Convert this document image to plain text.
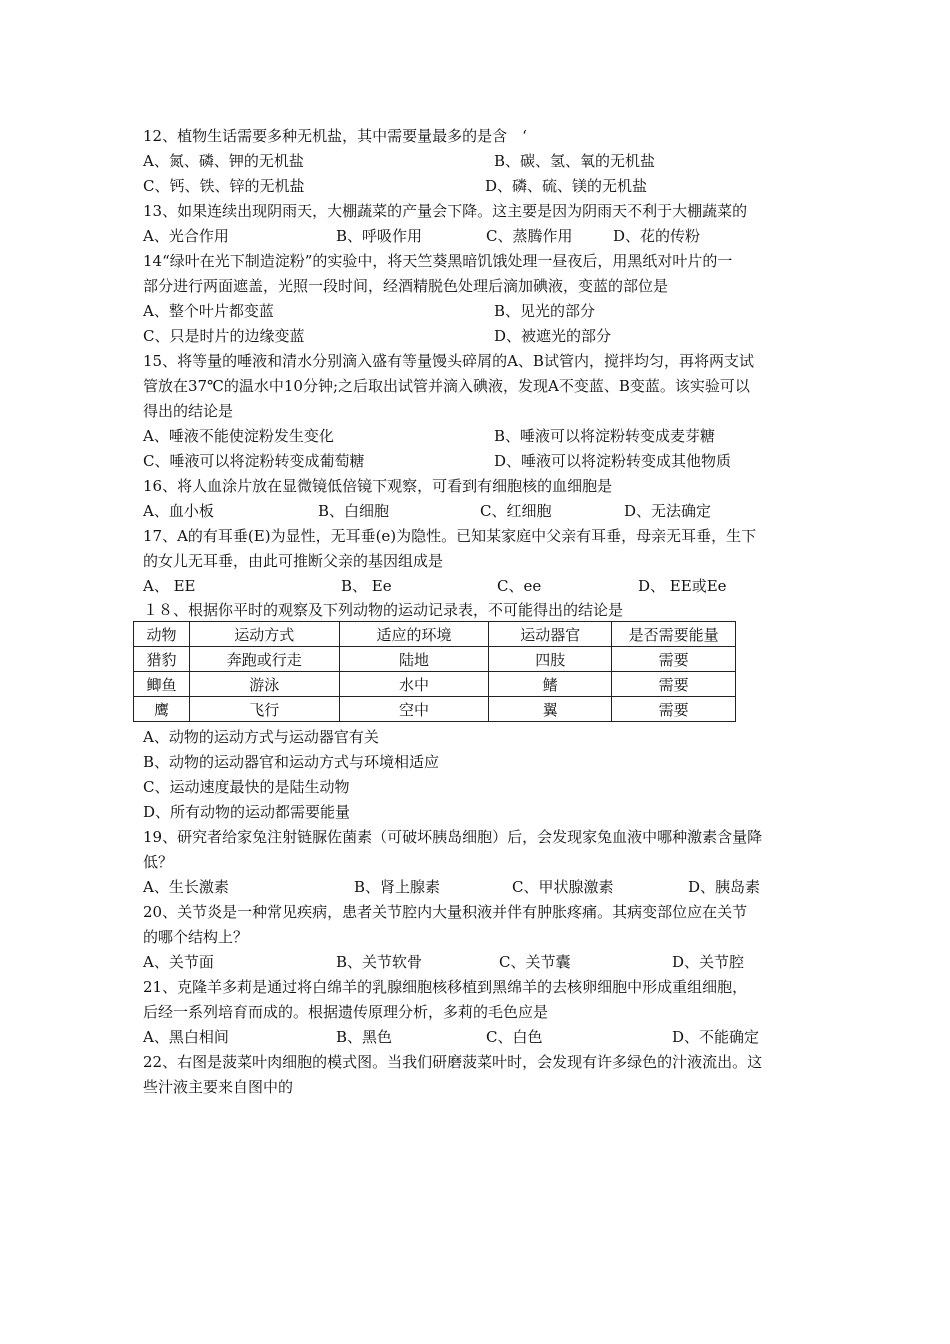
12、植物生话需要多种无机盐，其中需要量最多的是含　‘
A、氮、磷、钾的无机盐	B、碳、氢、氧的无机盐
C、钙、铁、锌的无机盐	D、磷、硫、镁的无机盐
13、如果连续出现阴雨天，大棚蔬菜的产量会下降。这主要是因为阴雨天不利于大棚蔬菜的
A、光合作用	B、呼吸作用	C、蒸腾作用	D、花的传粉
14“绿叶在光下制造淀粉”的实验中，将天竺葵黑暗饥饿处理一昼夜后，用黑纸对叶片的一
部分进行两面遮盖，光照一段时间，经酒精脱色处理后滴加碘液，变蓝的部位是
A、整个叶片都变蓝	B、见光的部分
C、只是时片的边缘变蓝	D、被遮光的部分
15、将等量的唾液和清水分别滴入盛有等量馒头碎屑的A、B试管内，搅拌均匀，再将两支试
管放在37℃的温水中10分钟;之后取出试管并滴入碘液，发现A不变蓝、B变蓝。该实验可以
得出的结论是
A、唾液不能使淀粉发生变化	B、唾液可以将淀粉转变成麦芽糖
C、唾液可以将淀粉转变成葡萄糖	D、唾液可以将淀粉转变成其他物质
16、将人血涂片放在显微镜低倍镜下观察，可看到有细胞核的血细胞是
A、血小板	B、白细胞	C、红细胞	D、无法确定
17、A的有耳垂(E)为显性，无耳垂(e)为隐性。已知某家庭中父亲有耳垂，母亲无耳垂，生下
的女儿无耳垂，由此可推断父亲的基因组成是
A、 EE	B、 Ee	C、ee	D、 EE或Ee
１８、根据你平时的观察及下列动物的运动记录表，不可能得出的结论是
动物	运动方式	适应的环境	运动器官	是否需要能量
猎豹	奔跑或行走	陆地	四肢	需要
鲫鱼	游泳	水中	鳍	需要
鹰	飞行	空中	翼	需要
A、动物的运动方式与运动器官有关
B、动物的运动器官和运动方式与环境相适应
C、运动速度最快的是陆生动物
D、所有动物的运动都需要能量
19、研究者给家兔注射链脲佐菌素（可破坏胰岛细胞）后，会发现家兔血液中哪种激素含量降
低？
A、生长激素	B、肾上腺素	C、甲状腺激素	D、胰岛素
20、关节炎是一种常见疾病，患者关节腔内大量积液并伴有肿胀疼痛。其病变部位应在关节
的哪个结构上？
A、关节面	B、关节软骨	C、关节囊	D、关节腔
21、克隆羊多莉是通过将白绵羊的乳腺细胞核移植到黑绵羊的去核卵细胞中形成重组细胞，
后经一系列培育而成的。根据遗传原理分析，多莉的毛色应是
A、黑白相间	B、黑色	C、白色	D、不能确定
22、右图是菠菜叶肉细胞的模式图。当我们研磨菠菜叶时，会发现有许多绿色的汁液流出。这
些汁液主要来自图中的
